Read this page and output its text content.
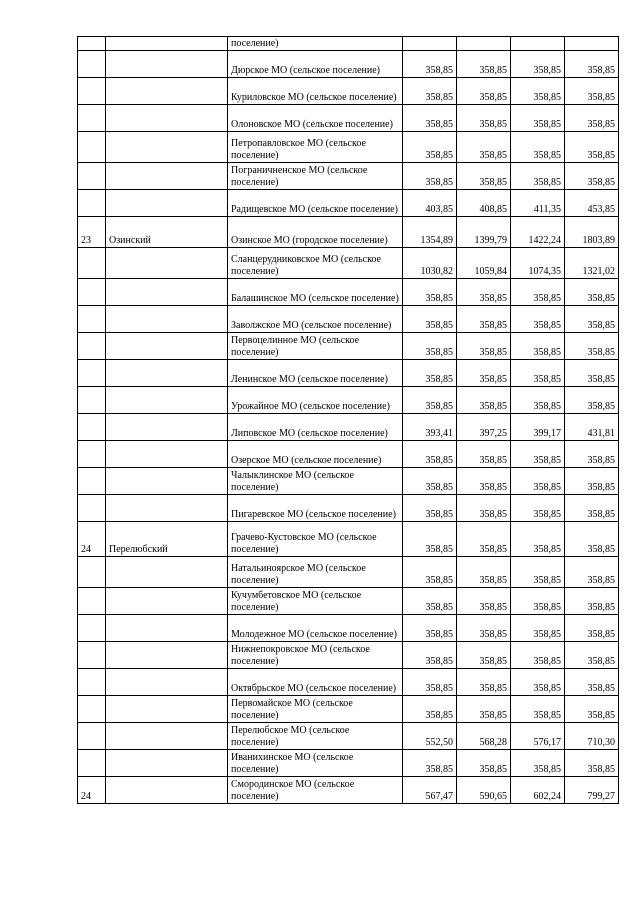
		поселение)				
		Дюрское МО (сельское поселение)	358,85	358,85	358,85	358,85
		Куриловское МО (сельское поселение)	358,85	358,85	358,85	358,85
		Олоновское МО (сельское поселение)	358,85	358,85	358,85	358,85
		Петропавловское МО (сельское поселение)	358,85	358,85	358,85	358,85
		Пограничненское МО (сельское поселение)	358,85	358,85	358,85	358,85
		Радищевское МО (сельское поселение)	403,85	408,85	411,35	453,85
23	Озинский	Озинское МО (городское поселение)	1354,89	1399,79	1422,24	1803,89
		Сланцерудниковское МО (сельское поселение)	1030,82	1059,84	1074,35	1321,02
		Балашинское МО (сельское поселение)	358,85	358,85	358,85	358,85
		Заволжское МО (сельское поселение)	358,85	358,85	358,85	358,85
		Первоцелинное МО (сельское поселение)	358,85	358,85	358,85	358,85
		Ленинское МО (сельское поселение)	358,85	358,85	358,85	358,85
		Урожайное МО (сельское поселение)	358,85	358,85	358,85	358,85
		Липовское МО (сельское поселение)	393,41	397,25	399,17	431,81
		Озерское МО (сельское поселение)	358,85	358,85	358,85	358,85
		Чалыклинское МО (сельское поселение)	358,85	358,85	358,85	358,85
		Пигаревское МО (сельское поселение)	358,85	358,85	358,85	358,85
24	Перелюбский	Грачево-Кустовское МО (сельское поселение)	358,85	358,85	358,85	358,85
		Натальиноярское МО (сельское поселение)	358,85	358,85	358,85	358,85
		Кучумбетовское МО (сельское поселение)	358,85	358,85	358,85	358,85
		Молодежное МО (сельское поселение)	358,85	358,85	358,85	358,85
		Нижнепокровское МО (сельское поселение)	358,85	358,85	358,85	358,85
		Октябрьское МО (сельское поселение)	358,85	358,85	358,85	358,85
		Первомайское МО (сельское поселение)	358,85	358,85	358,85	358,85
		Перелюбское МО (сельское поселение)	552,50	568,28	576,17	710,30
		Иванихинское МО (сельское поселение)	358,85	358,85	358,85	358,85
24		Смородинское МО (сельское поселение)	567,47	590,65	602,24	799,27
